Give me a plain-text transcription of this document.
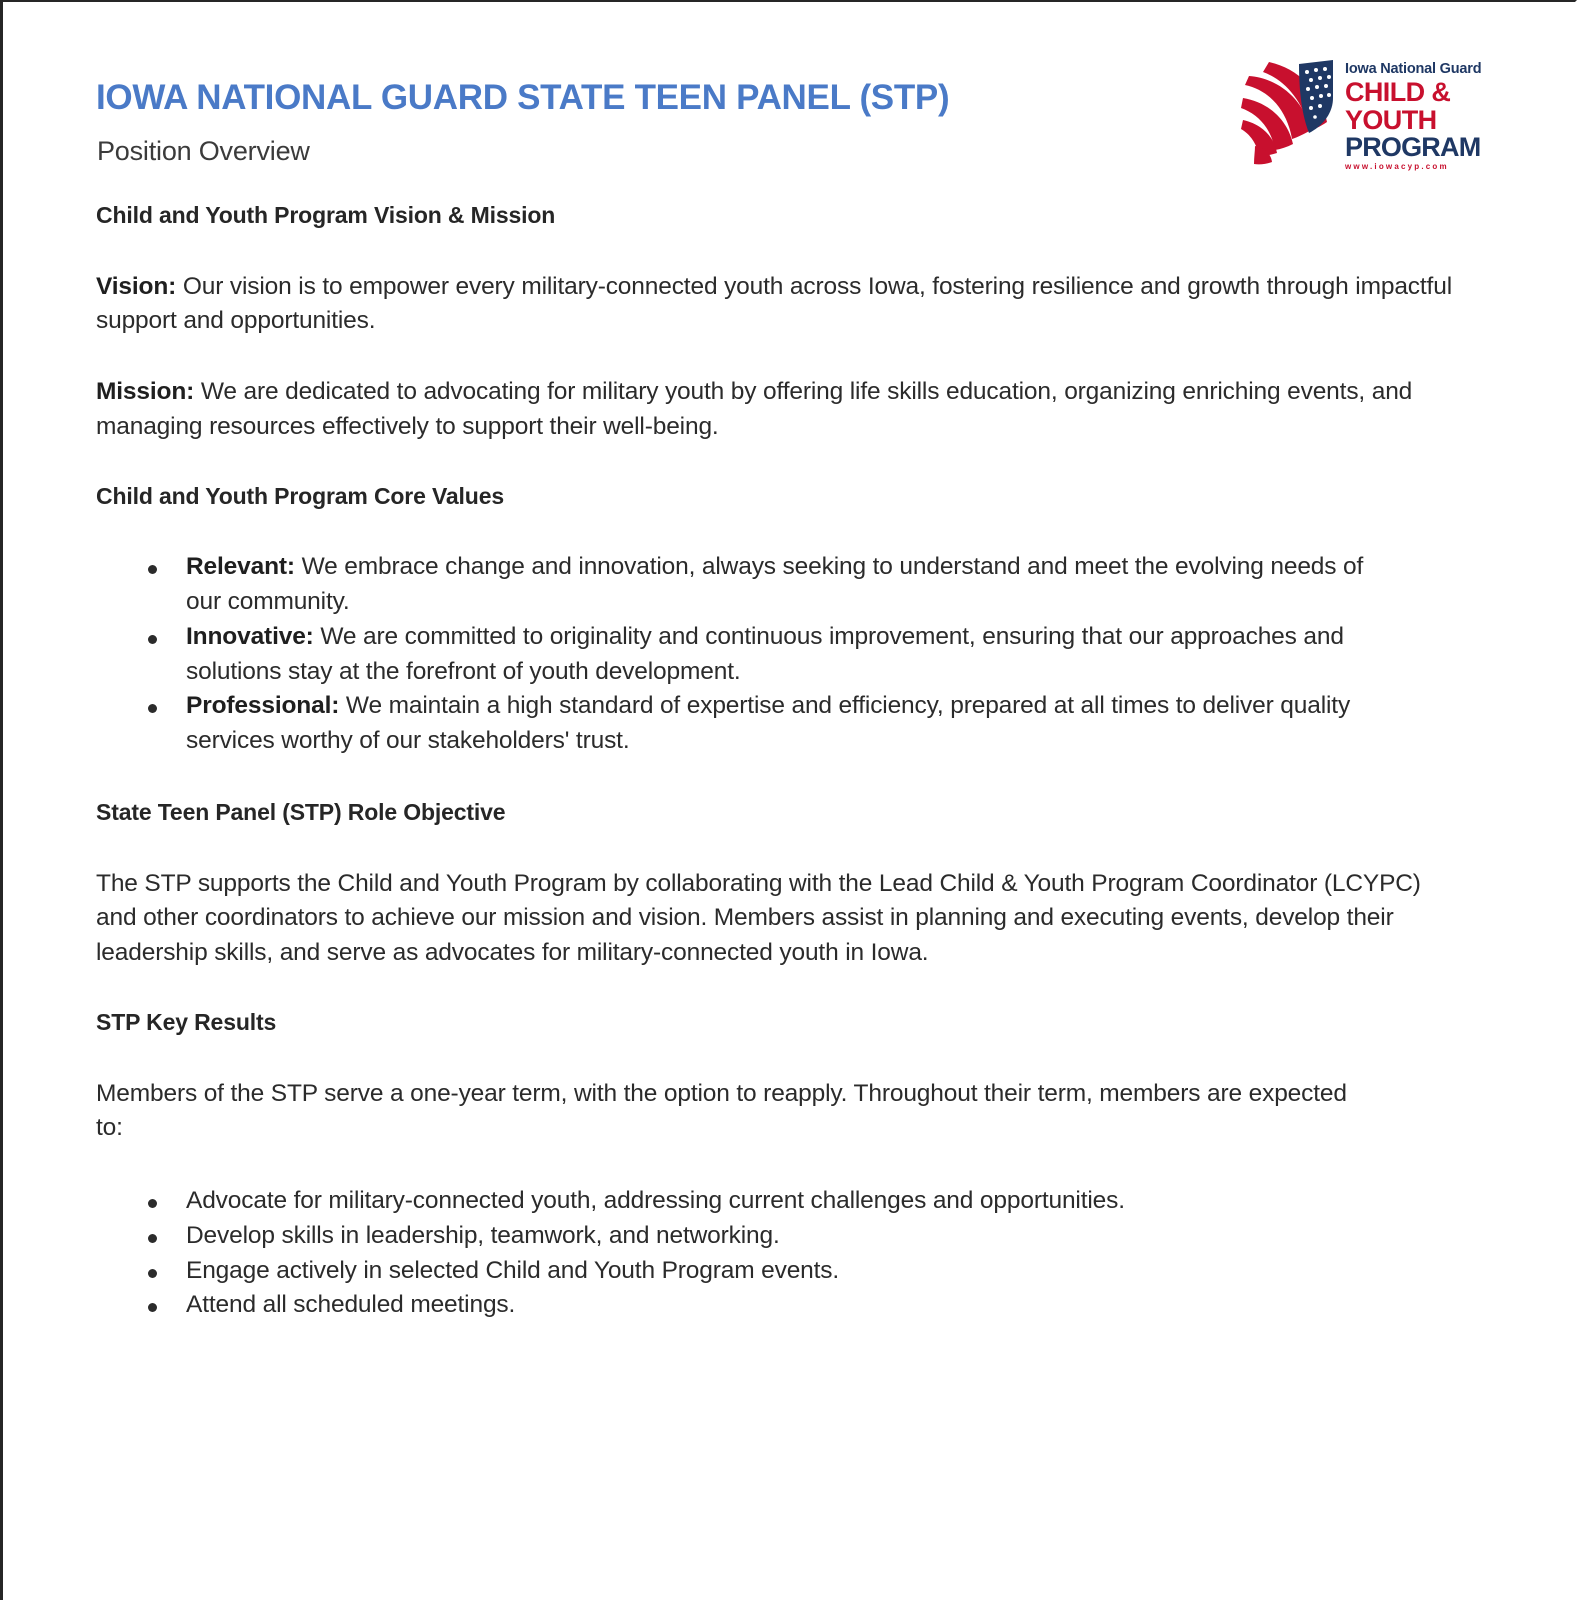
IOWA NATIONAL GUARD STATE TEEN PANEL (STP)
Position Overview
Iowa National Guard
CHILD &
YOUTH
PROGRAM
www.iowacyp.com
Child and Youth Program Vision & Mission

Vision: Our vision is to empower every military-connected youth across Iowa, fostering resilience and growth through impactful support and opportunities.

Mission: We are dedicated to advocating for military youth by offering life skills education, organizing enriching events, and managing resources effectively to support their well-being.

Child and Youth Program Core Values
Relevant: We embrace change and innovation, always seeking to understand and meet the evolving needs of our community.
Innovative: We are committed to originality and continuous improvement, ensuring that our approaches and solutions stay at the forefront of youth development.
Professional: We maintain a high standard of expertise and efficiency, prepared at all times to deliver quality services worthy of our stakeholders' trust.
State Teen Panel (STP) Role Objective

The STP supports the Child and Youth Program by collaborating with the Lead Child & Youth Program Coordinator (LCYPC) and other coordinators to achieve our mission and vision. Members assist in planning and executing events, develop their leadership skills, and serve as advocates for military-connected youth in Iowa.

STP Key Results

Members of the STP serve a one-year term, with the option to reapply. Throughout their term, members are expected to:

Advocate for military-connected youth, addressing current challenges and opportunities.
Develop skills in leadership, teamwork, and networking.
Engage actively in selected Child and Youth Program events.
Attend all scheduled meetings.
